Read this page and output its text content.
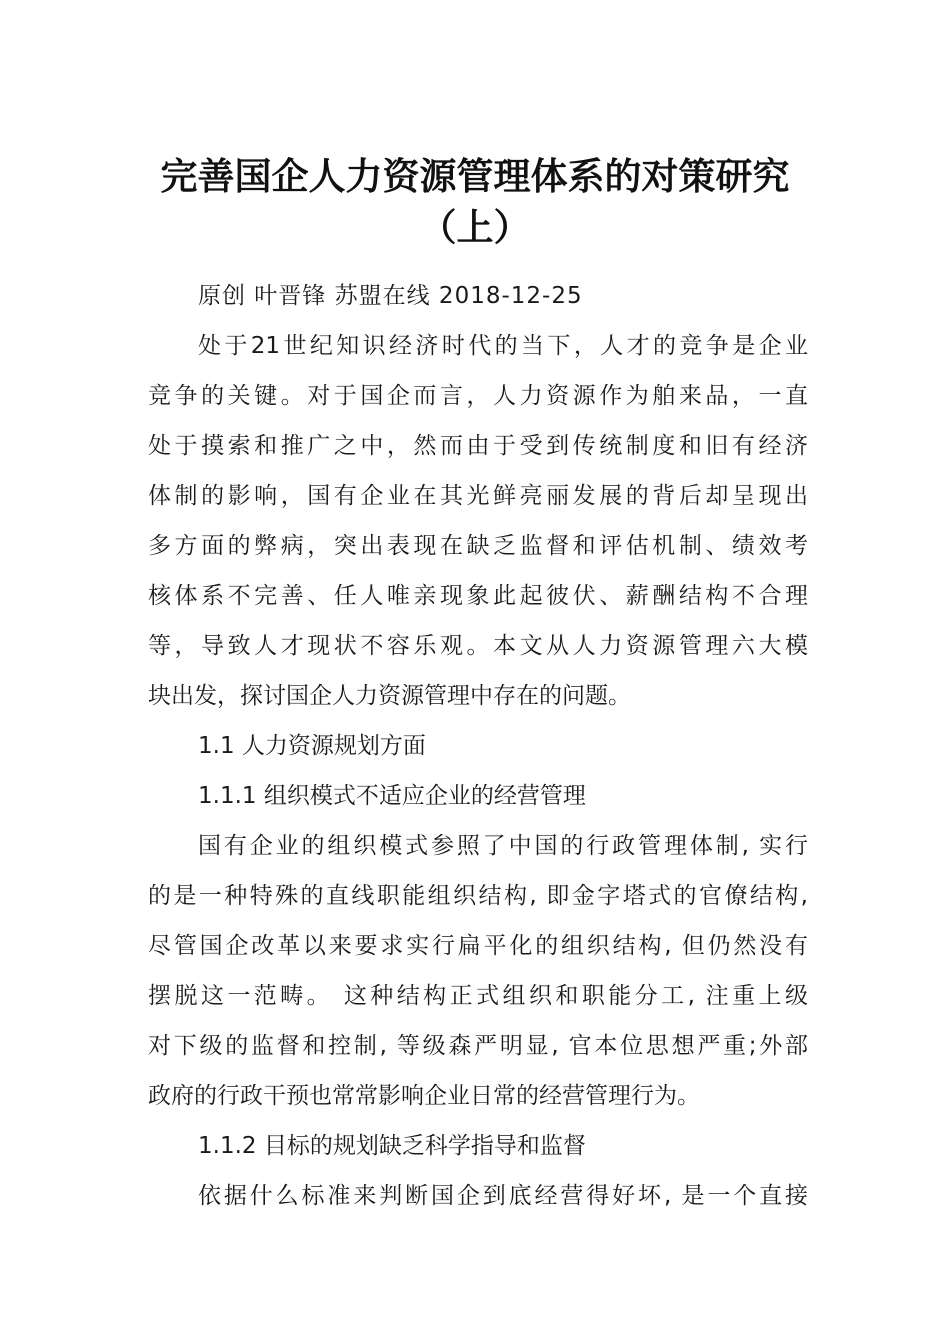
完善国企人力资源管理体系的对策研究
（上）
原创 叶晋锋 苏盟在线 2018-12-25
处于21世纪知识经济时代的当下，人才的竞争是企业
竞争的关键。对于国企而言，人力资源作为舶来品，一直
处于摸索和推广之中，然而由于受到传统制度和旧有经济
体制的影响，国有企业在其光鲜亮丽发展的背后却呈现出
多方面的弊病，突出表现在缺乏监督和评估机制、绩效考
核体系不完善、任人唯亲现象此起彼伏、薪酬结构不合理
等，导致人才现状不容乐观。本文从人力资源管理六大模
块出发，探讨国企人力资源管理中存在的问题。
1.1 人力资源规划方面
1.1.1 组织模式不适应企业的经营管理
国有企业的组织模式参照了中国的行政管理体制, 实行
的是一种特殊的直线职能组织结构, 即金字塔式的官僚结构,
尽管国企改革以来要求实行扁平化的组织结构, 但仍然没有
摆脱这一范畴。 这种结构正式组织和职能分工, 注重上级
对下级的监督和控制, 等级森严明显, 官本位思想严重;外部
政府的行政干预也常常影响企业日常的经营管理行为。
1.1.2 目标的规划缺乏科学指导和监督
依据什么标准来判断国企到底经营得好坏, 是一个直接
